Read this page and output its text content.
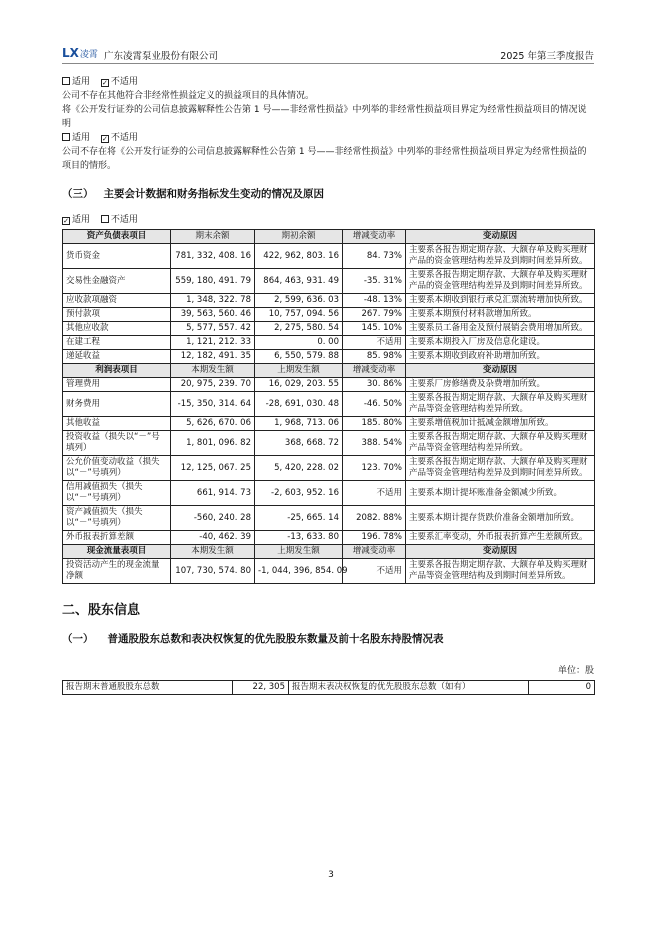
LX凌霄 广东凌霄泵业股份有限公司	2025 年第三季度报告

适用 ✓ 不适用

公司不存在其他符合非经常性损益定义的损益项目的具体情况。

将《公开发行证券的公司信息披露解释性公告第 1 号——非经常性损益》中列举的非经常性损益项目界定为经常性损益项目的情况说明

适用 ✓ 不适用

公司不存在将《公开发行证券的公司信息披露解释性公告第 1 号——非经常性损益》中列举的非经常性损益项目界定为经常性损益的项目的情形。

（三） 主要会计数据和财务指标发生变动的情况及原因

✓ 适用 不适用

资产负债表项目	期末余额	期初余额	增减变动率	变动原因
货币资金	781, 332, 408. 16	422, 962, 803. 16	84. 73%	主要系各报告期定期存款、大额存单及购买理财产品的资金管理结构差异及到期时间差异所致。
交易性金融资产	559, 180, 491. 79	864, 463, 931. 49	-35. 31%	主要系各报告期定期存款、大额存单及购买理财产品的资金管理结构差异及到期时间差异所致。
应收款项融资	1, 348, 322. 78	2, 599, 636. 03	-48. 13%	主要系本期收到银行承兑汇票流转增加快所致。
预付款项	39, 563, 560. 46	10, 757, 094. 56	267. 79%	主要系本期预付材料款增加所致。
其他应收款	5, 577, 557. 42	2, 275, 580. 54	145. 10%	主要系员工备用金及预付展销会费用增加所致。
在建工程	1, 121, 212. 33	0. 00	不适用	主要系本期投入厂房及信息化建设。
递延收益	12, 182, 491. 35	6, 550, 579. 88	85. 98%	主要系本期收到政府补助增加所致。
利润表项目	本期发生额	上期发生额	增减变动率	变动原因
管理费用	20, 975, 239. 70	16, 029, 203. 55	30. 86%	主要系厂房修缮费及杂费增加所致。
财务费用	-15, 350, 314. 64	-28, 691, 030. 48	-46. 50%	主要系各报告期定期存款、大额存单及购买理财产品等资金管理结构差异所致。
其他收益	5, 626, 670. 06	1, 968, 713. 06	185. 80%	主要系增值税加计抵减金额增加所致。
投资收益（损失以“－”号填列）	1, 801, 096. 82	368, 668. 72	388. 54%	主要系各报告期定期存款、大额存单及购买理财产品等资金管理结构差异所致。
公允价值变动收益（损失以“－”号填列）	12, 125, 067. 25	5, 420, 228. 02	123. 70%	主要系各报告期定期存款、大额存单及购买理财产品等资金管理结构差异及到期时间差异所致。
信用减值损失（损失以“－”号填列）	661, 914. 73	-2, 603, 952. 16	不适用	主要系本期计提坏账准备金额减少所致。
资产减值损失（损失以“－”号填列）	-560, 240. 28	-25, 665. 14	2082. 88%	主要系本期计提存货跌价准备金额增加所致。
外币报表折算差额	-40, 462. 39	-13, 633. 80	196. 78%	主要系汇率变动，外币报表折算产生差额所致。
现金流量表项目	本期发生额	上期发生额	增减变动率	变动原因
投资活动产生的现金流量净额	107, 730, 574. 80	-1, 044, 396, 854. 09	不适用	主要系各报告期定期存款、大额存单及购买理财产品等资金管理结构及到期时间差异所致。
二、股东信息
（一） 普通股股东总数和表决权恢复的优先股股东数量及前十名股东持股情况表
单位：股
报告期末普通股股东总数	22, 305	报告期末表决权恢复的优先股股东总数（如有）	0
3
